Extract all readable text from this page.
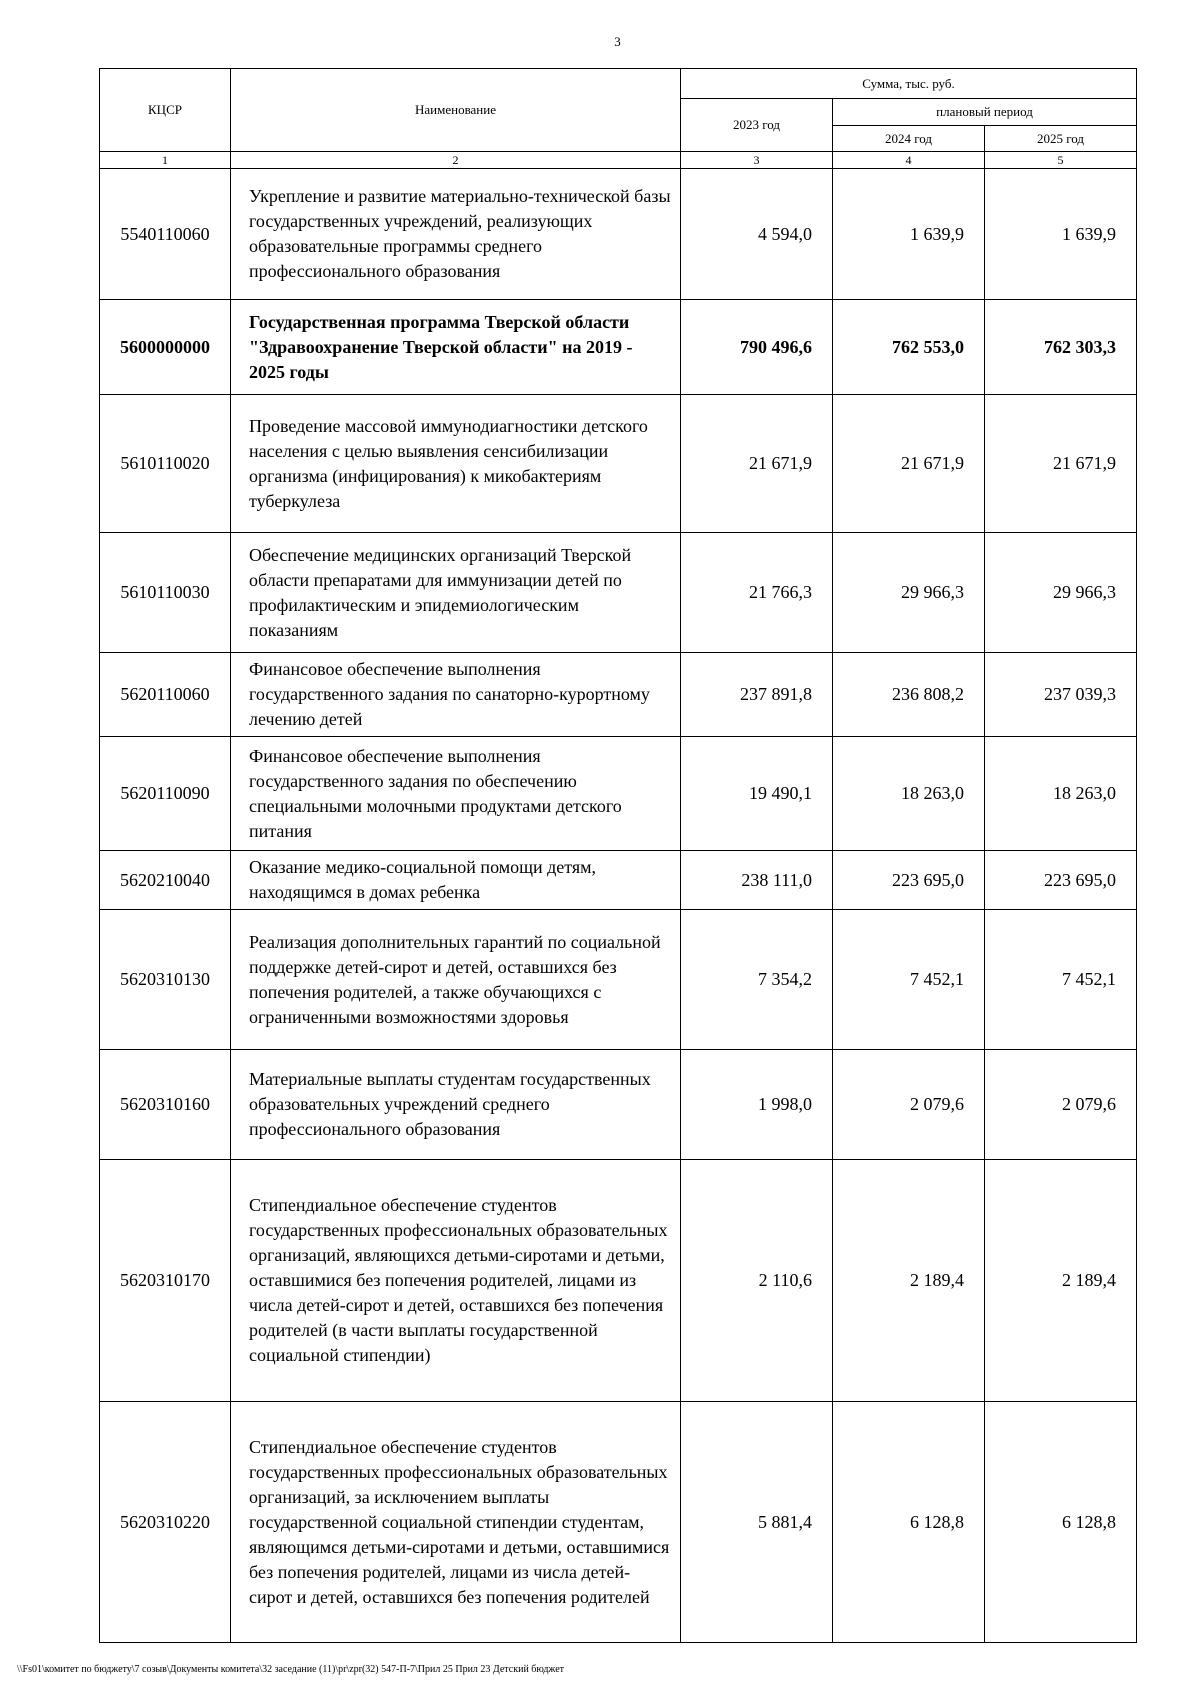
3
КЦСР	Наименование	Сумма, тыс. руб.		
		2023 год	плановый период	
			2024 год	2025 год
1	2	3	4	5
5540110060	Укрепление и развитие материально-технической базы государственных учреждений, реализующих образовательные программы среднего профессионального образования	4 594,0	1 639,9	1 639,9
5600000000	Государственная программа Тверской области "Здравоохранение Тверской области" на 2019 - 2025 годы	790 496,6	762 553,0	762 303,3
5610110020	Проведение массовой иммунодиагностики детского населения с целью выявления сенсибилизации организма (инфицирования) к микобактериям туберкулеза	21 671,9	21 671,9	21 671,9
5610110030	Обеспечение медицинских организаций Тверской области препаратами для иммунизации детей по профилактическим и эпидемиологическим показаниям	21 766,3	29 966,3	29 966,3
5620110060	Финансовое обеспечение выполнения государственного задания по санаторно-курортному лечению детей	237 891,8	236 808,2	237 039,3
5620110090	Финансовое обеспечение выполнения государственного задания по обеспечению специальными молочными продуктами детского питания	19 490,1	18 263,0	18 263,0
5620210040	Оказание медико-социальной помощи детям, находящимся в домах ребенка	238 111,0	223 695,0	223 695,0
5620310130	Реализация дополнительных гарантий по социальной поддержке детей-сирот и детей, оставшихся без попечения родителей, а также обучающихся с ограниченными возможностями здоровья	7 354,2	7 452,1	7 452,1
5620310160	Материальные выплаты студентам государственных образовательных учреждений среднего профессионального образования	1 998,0	2 079,6	2 079,6
5620310170	Стипендиальное обеспечение студентов государственных профессиональных образовательных организаций, являющихся детьми-сиротами и детьми, оставшимися без попечения родителей, лицами из числа детей-сирот и детей, оставшихся без попечения родителей (в части выплаты государственной социальной стипендии)	2 110,6	2 189,4	2 189,4
5620310220	Стипендиальное обеспечение студентов государственных профессиональных образовательных организаций, за исключением выплаты государственной социальной стипендии студентам, являющимся детьми-сиротами и детьми, оставшимися без попечения родителей, лицами из числа детей-сирот и детей, оставшихся без попечения родителей	5 881,4	6 128,8	6 128,8
\\Fs01\комитет по бюджету\7 созыв\Документы комитета\32 заседание (11)\pr\zpr(32) 547-П-7\Прил 25 Прил 23 Детский бюджет
